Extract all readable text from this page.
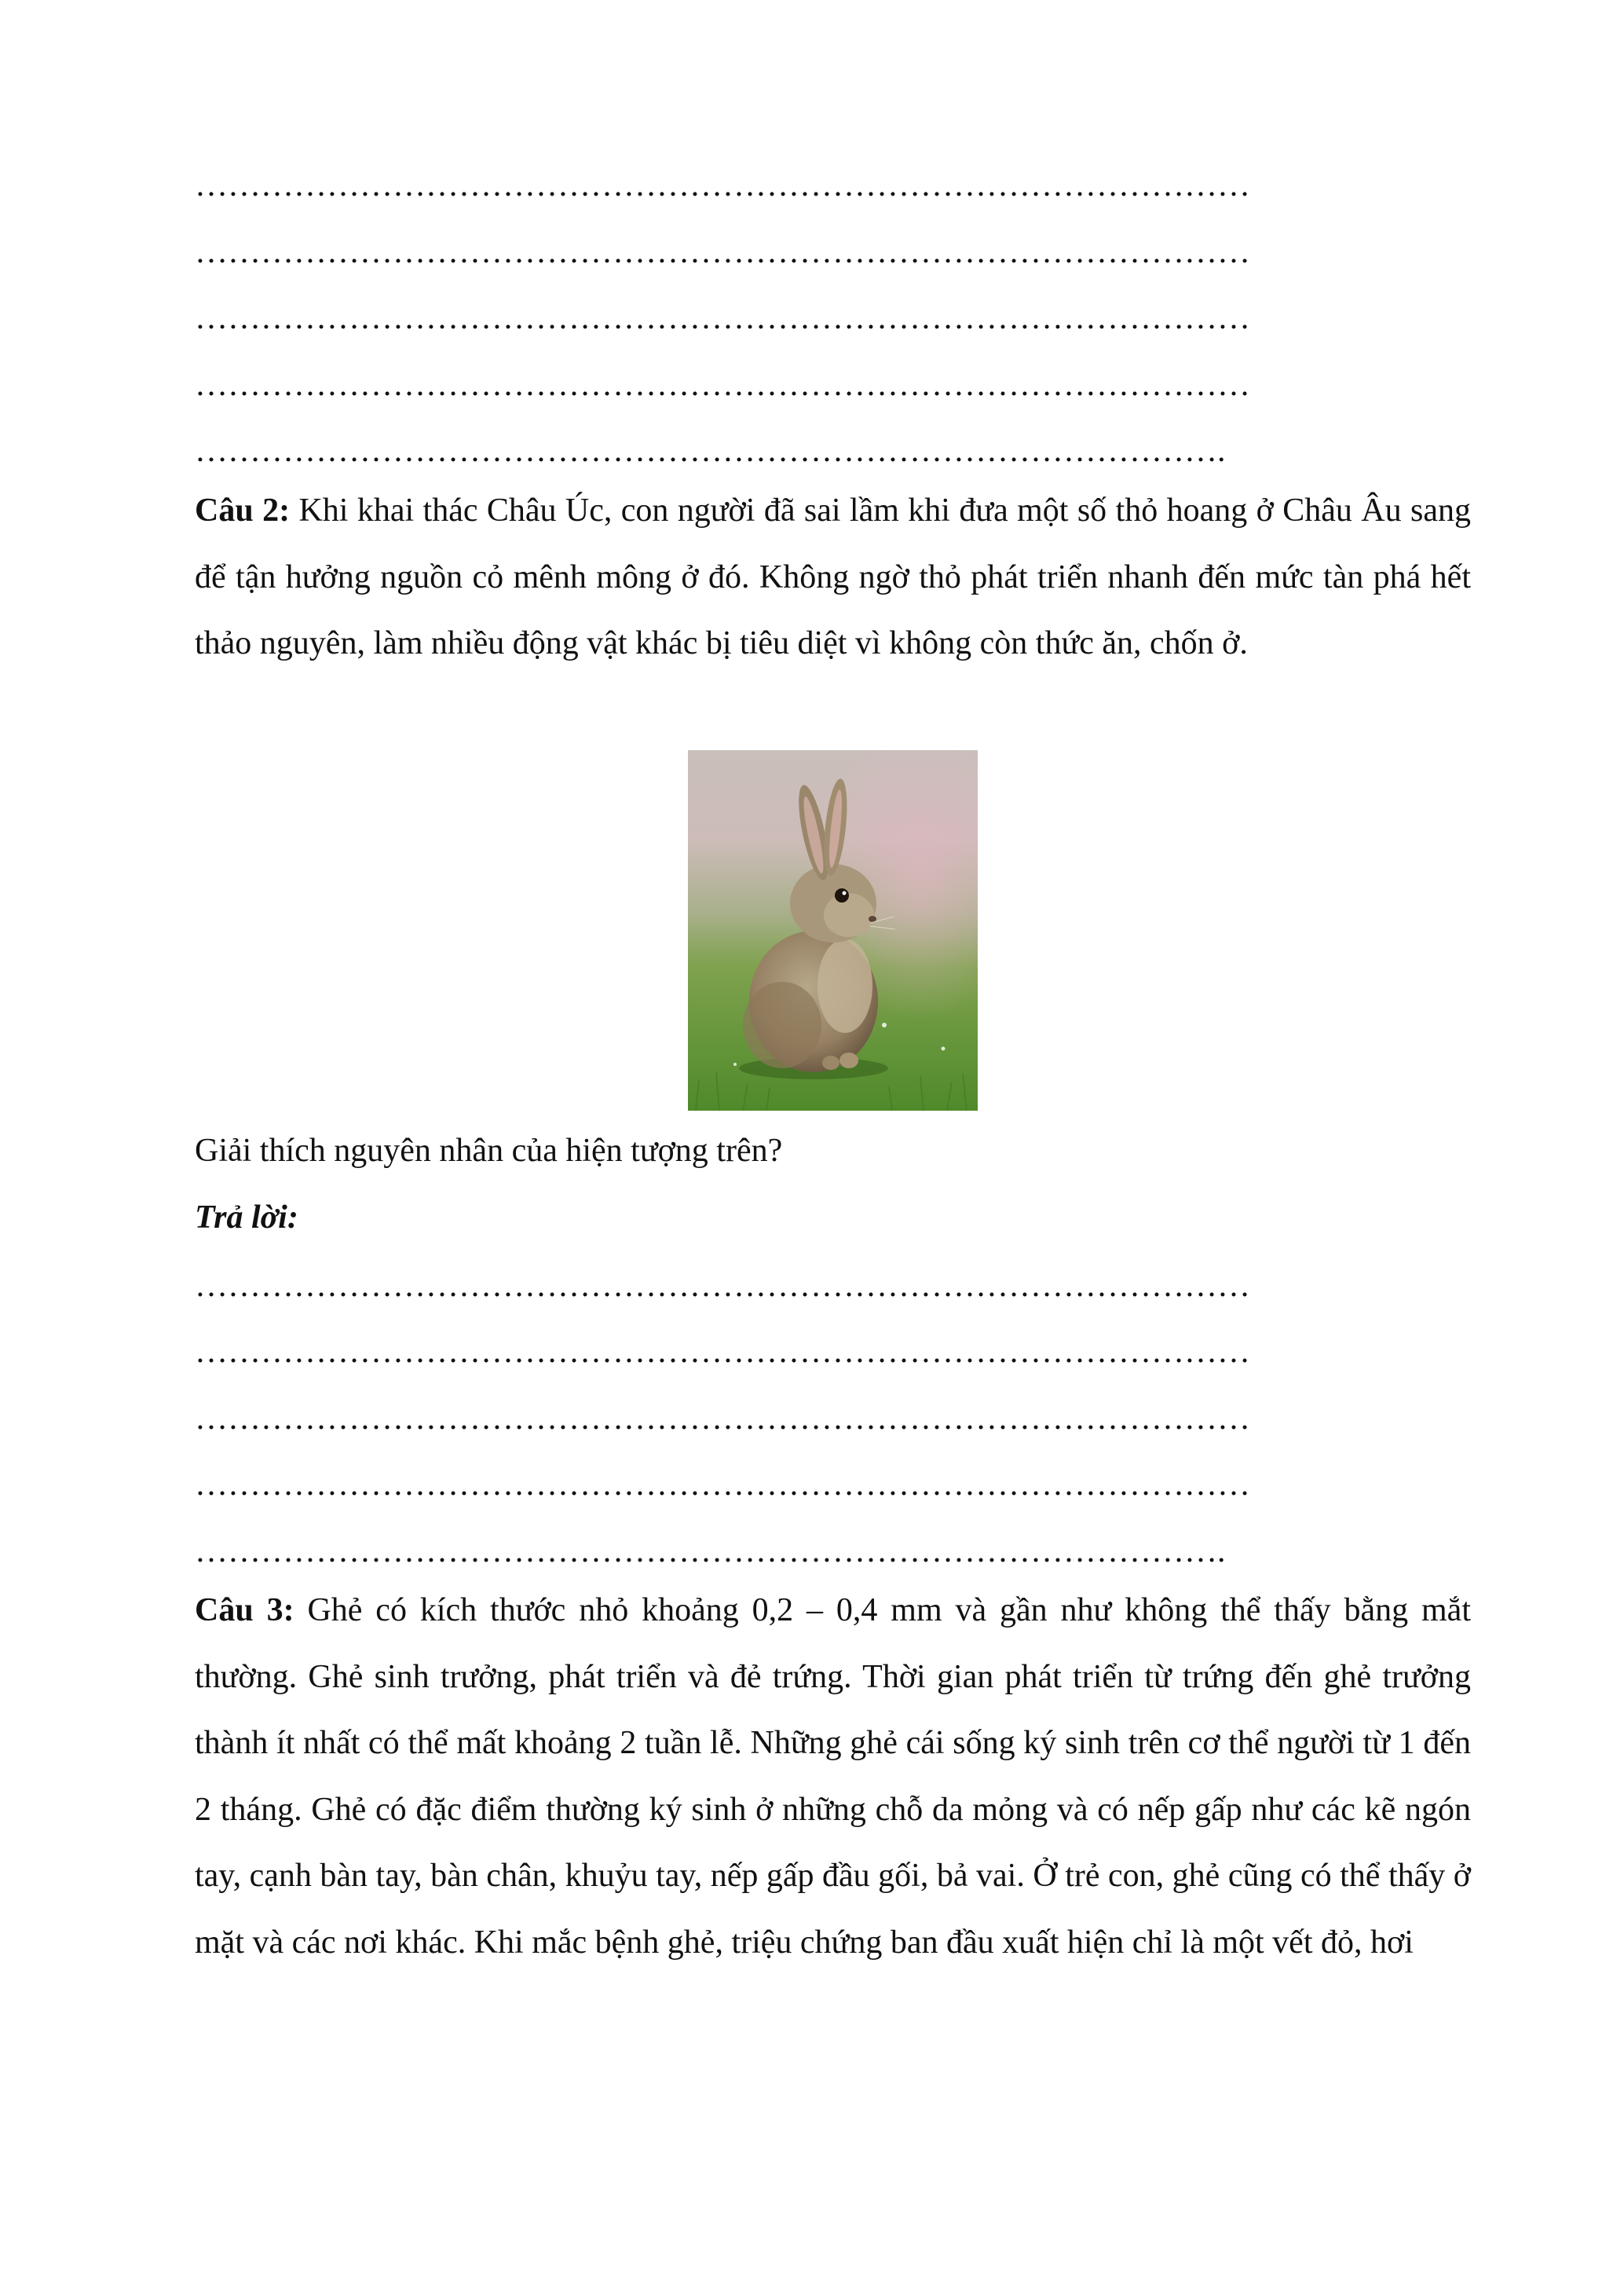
……………………………………………………………………………………
……………………………………………………………………………………
……………………………………………………………………………………
……………………………………………………………………………………
………………………………………………………………………………….
Câu 2: Khi khai thác Châu Úc, con người đã sai lầm khi đưa một số thỏ hoang ở Châu Âu sang để tận hưởng nguồn cỏ mênh mông ở đó. Không ngờ thỏ phát triển nhanh đến mức tàn phá hết thảo nguyên, làm nhiều động vật khác bị tiêu diệt vì không còn thức ăn, chốn ở.
Giải thích nguyên nhân của hiện tượng trên?
Trả lời:
……………………………………………………………………………………
……………………………………………………………………………………
……………………………………………………………………………………
……………………………………………………………………………………
………………………………………………………………………………….
Câu 3: Ghẻ có kích thước nhỏ khoảng 0,2 – 0,4 mm và gần như không thể thấy bằng mắt thường. Ghẻ sinh trưởng, phát triển và đẻ trứng. Thời gian phát triển từ trứng đến ghẻ trưởng thành ít nhất có thể mất khoảng 2 tuần lễ. Những ghẻ cái sống ký sinh trên cơ thể người từ 1 đến 2 tháng. Ghẻ có đặc điểm thường ký sinh ở những chỗ da mỏng và có nếp gấp như các kẽ ngón tay, cạnh bàn tay, bàn chân, khuỷu tay, nếp gấp đầu gối, bả vai. Ở trẻ con, ghẻ cũng có thể thấy ở mặt và các nơi khác. Khi mắc bệnh ghẻ, triệu chứng ban đầu xuất hiện chỉ là một vết đỏ, hơi
